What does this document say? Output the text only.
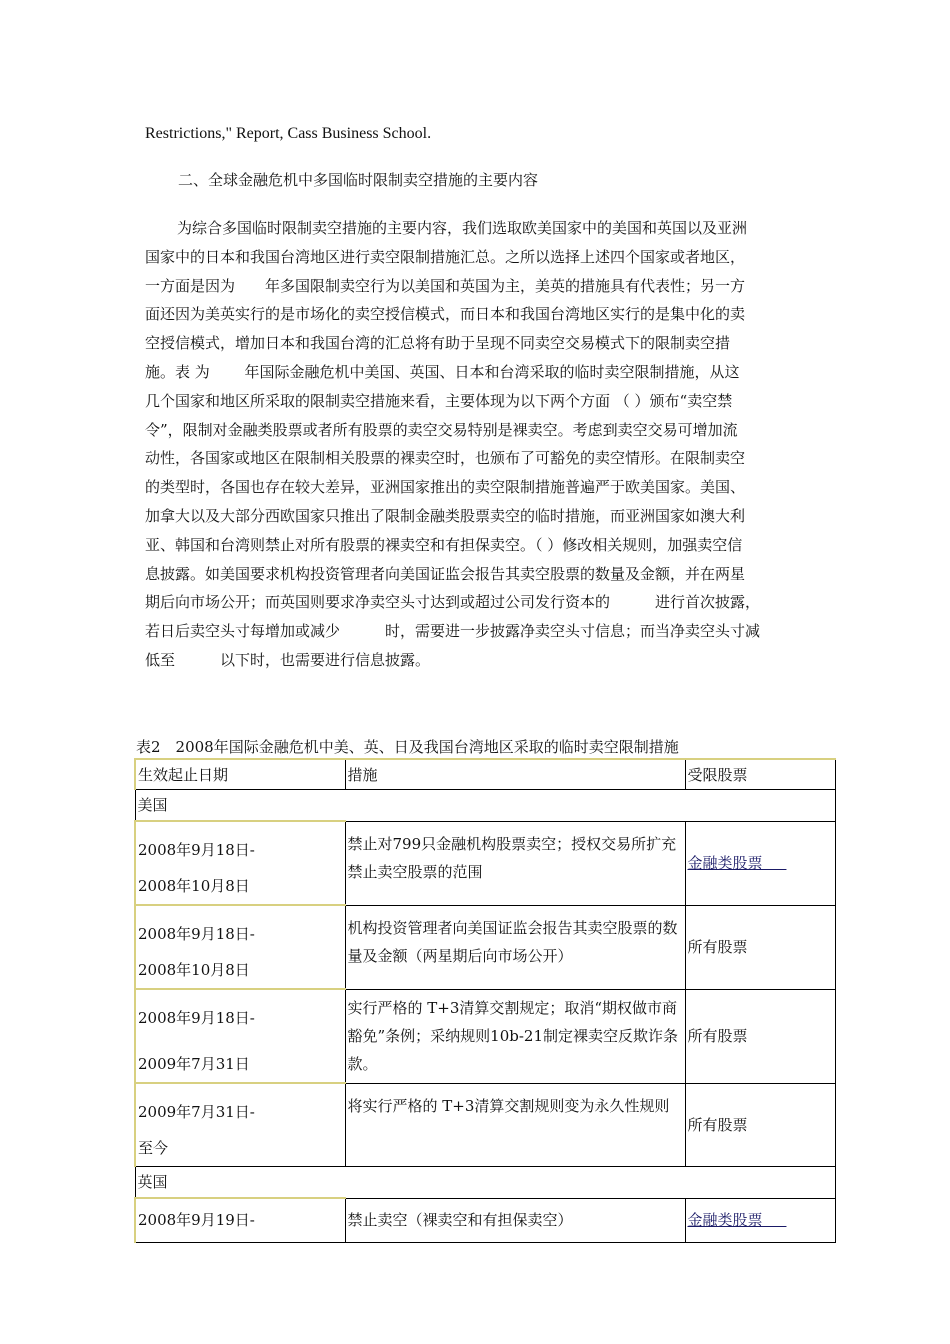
Restrictions," Report, Cass Business School.
二、全球金融危机中多国临时限制卖空措施的主要内容
为综合多国临时限制卖空措施的主要内容，我们选取欧美国家中的美国和英国以及亚洲
国家中的日本和我国台湾地区进行卖空限制措施汇总。之所以选择上述四个国家或者地区，
一方面是因为　　年多国限制卖空行为以美国和英国为主，美英的措施具有代表性；另一方
面还因为美英实行的是市场化的卖空授信模式，而日本和我国台湾地区实行的是集中化的卖
空授信模式，增加日本和我国台湾的汇总将有助于呈现不同卖空交易模式下的限制卖空措
施。表 为　　 年国际金融危机中美国、英国、日本和台湾采取的临时卖空限制措施，从这
几个国家和地区所采取的限制卖空措施来看，主要体现为以下两个方面 （ ）颁布“卖空禁
令”，限制对金融类股票或者所有股票的卖空交易特别是裸卖空。考虑到卖空交易可增加流
动性，各国家或地区在限制相关股票的裸卖空时，也颁布了可豁免的卖空情形。在限制卖空
的类型时，各国也存在较大差异，亚洲国家推出的卖空限制措施普遍严于欧美国家。美国、
加拿大以及大部分西欧国家只推出了限制金融类股票卖空的临时措施，而亚洲国家如澳大利
亚、韩国和台湾则禁止对所有股票的裸卖空和有担保卖空。（ ）修改相关规则，加强卖空信
息披露。如美国要求机构投资管理者向美国证监会报告其卖空股票的数量及金额，并在两星
期后向市场公开；而英国则要求净卖空头寸达到或超过公司发行资本的　　　进行首次披露，
若日后卖空头寸每增加或减少　　　时，需要进一步披露净卖空头寸信息；而当净卖空头寸减
低至　　　以下时，也需要进行信息披露。
表2　2008年国际金融危机中美、英、日及我国台湾地区采取的临时卖空限制措施
生效起止日期	措施	受限股票
美国		

2008年9月18日-
2008年10月8日	禁止对799只金融机构股票卖空；授权交易所扩充禁止卖空股票的范围	金融类股票

2008年9月18日-
2008年10月8日	机构投资管理者向美国证监会报告其卖空股票的数量及金额（两星期后向市场公开）	所有股票

2008年9月18日-
2009年7月31日	实行严格的 T+3清算交割规定；取消“期权做市商豁免”条例；采纳规则10b-21制定裸卖空反欺诈条款。	所有股票

2009年7月31日-
至今	将实行严格的 T+3清算交割规则变为永久性规则	所有股票
英国		
2008年9月19日-	禁止卖空（裸卖空和有担保卖空）	金融类股票
